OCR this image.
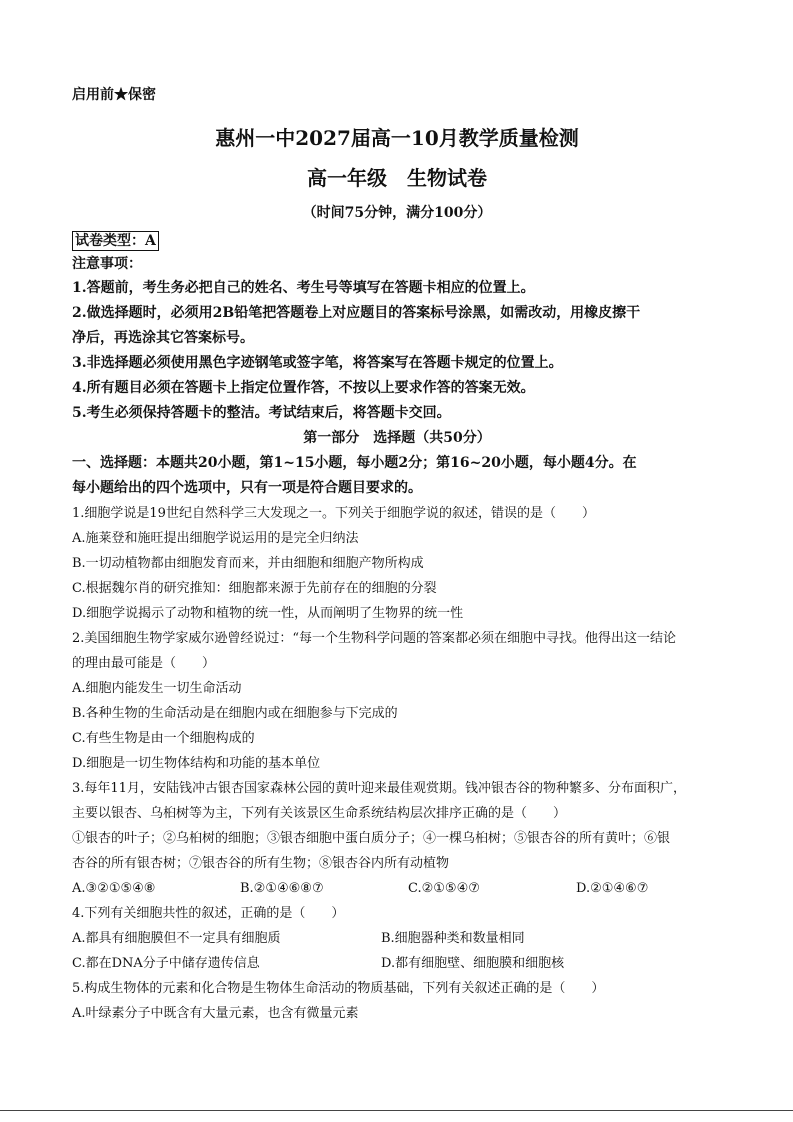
启用前★保密
惠州一中2027届高一10月教学质量检测
高一年级　生物试卷
（时间75分钟，满分100分）
试卷类型：A
注意事项：
1.答题前，考生务必把自己的姓名、考生号等填写在答题卡相应的位置上。
2.做选择题时，必须用2B铅笔把答题卷上对应题目的答案标号涂黑，如需改动，用橡皮擦干
净后，再选涂其它答案标号。
3.非选择题必须使用黑色字迹钢笔或签字笔，将答案写在答题卡规定的位置上。
4.所有题目必须在答题卡上指定位置作答，不按以上要求作答的答案无效。
5.考生必须保持答题卡的整洁。考试结束后，将答题卡交回。
第一部分　选择题（共50分）
一、选择题：本题共20小题，第1~15小题，每小题2分；第16~20小题，每小题4分。在
每小题给出的四个选项中，只有一项是符合题目要求的。
1.细胞学说是19世纪自然科学三大发现之一。下列关于细胞学说的叙述，错误的是（　　）
A.施莱登和施旺提出细胞学说运用的是完全归纳法
B.一切动植物都由细胞发育而来，并由细胞和细胞产物所构成
C.根据魏尔肖的研究推知：细胞都来源于先前存在的细胞的分裂
D.细胞学说揭示了动物和植物的统一性，从而阐明了生物界的统一性
2.美国细胞生物学家威尔逊曾经说过：“每一个生物科学问题的答案都必须在细胞中寻找。他得出这一结论
的理由最可能是（　　）
A.细胞内能发生一切生命活动
B.各种生物的生命活动是在细胞内或在细胞参与下完成的
C.有些生物是由一个细胞构成的
D.细胞是一切生物体结构和功能的基本单位
3.每年11月，安陆钱冲古银杏国家森林公园的黄叶迎来最佳观赏期。钱冲银杏谷的物种繁多、分布面积广，
主要以银杏、乌桕树等为主，下列有关该景区生命系统结构层次排序正确的是（　　）
①银杏的叶子；②乌桕树的细胞；③银杏细胞中蛋白质分子；④一棵乌桕树；⑤银杏谷的所有黄叶；⑥银
杏谷的所有银杏树；⑦银杏谷的所有生物；⑧银杏谷内所有动植物
A.③②①⑤④⑧	B.②①④⑥⑧⑦	C.②①⑤④⑦	D.②①④⑥⑦
4.下列有关细胞共性的叙述，正确的是（　　）
A.都具有细胞膜但不一定具有细胞质	B.细胞器种类和数量相同
C.都在DNA分子中储存遗传信息	D.都有细胞壁、细胞膜和细胞核
5.构成生物体的元素和化合物是生物体生命活动的物质基础，下列有关叙述正确的是（　　）
A.叶绿素分子中既含有大量元素，也含有微量元素
